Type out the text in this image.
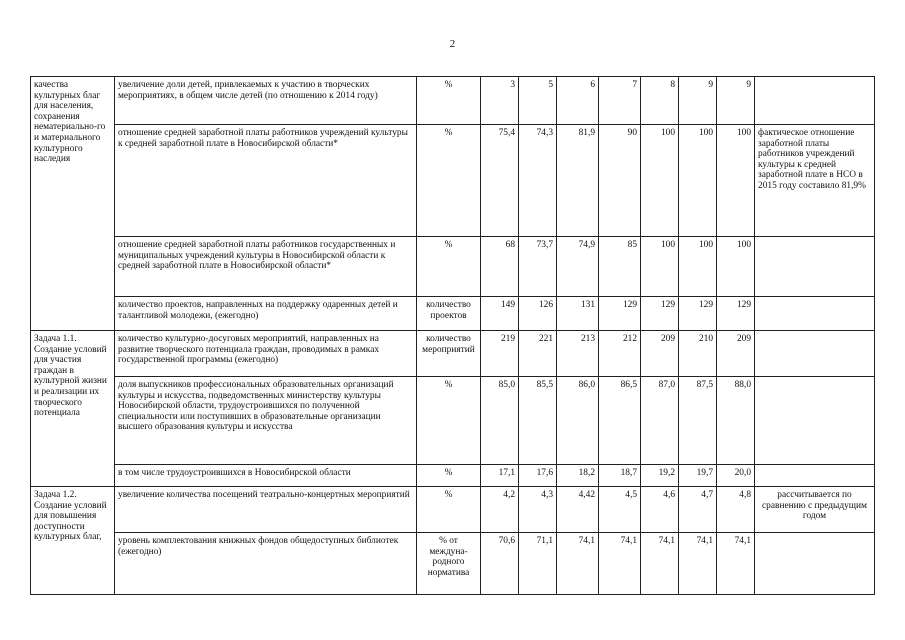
2
качества культурных благ для населения, сохранения нематериально-го и материального культурного наследия	увеличение доли детей, привлекаемых к участию в творческих мероприятиях, в общем числе детей (по отношению к 2014 году)	%	3	5	6	7	8	9	9	
	отношение средней заработной платы работников учреждений культуры к средней заработной плате в Новосибирской области*	%	75,4	74,3	81,9	90	100	100	100	фактическое отношение заработной платы работников учреждений культуры к средней заработной плате в НСО в 2015 году составило 81,9%
	отношение средней заработной платы работников государственных и муниципальных учреждений культуры в Новосибирской области к средней заработной плате в Новосибирской области*	%	68	73,7	74,9	85	100	100	100	
	количество проектов, направленных на поддержку одаренных детей и талантливой молодежи, (ежегодно)	количество проектов	149	126	131	129	129	129	129	
Задача 1.1. Создание условий для участия граждан в культурной жизни и реализации их творческого потенциала	количество культурно-досуговых мероприятий, направленных на развитие творческого потенциала граждан, проводимых в рамках государственной программы (ежегодно)	количество мероприятий	219	221	213	212	209	210	209	
	доля выпускников профессиональных образовательных организаций культуры и искусства, подведомственных министерству культуры Новосибирской области, трудоустроившихся по полученной специальности или поступивших в образовательные организации высшего образования культуры и искусства	%	85,0	85,5	86,0	86,5	87,0	87,5	88,0	
	в том числе трудоустроившихся в Новосибирской области	%	17,1	17,6	18,2	18,7	19,2	19,7	20,0	
Задача 1.2. Создание условий для повышения доступности культурных благ,	увеличение количества посещений театрально-концертных мероприятий	%	4,2	4,3	4,42	4,5	4,6	4,7	4,8	рассчитывается по сравнению с предыдущим годом
	уровень комплектования книжных фондов общедоступных библиотек (ежегодно)	% от междуна-родного норматива	70,6	71,1	74,1	74,1	74,1	74,1	74,1	
